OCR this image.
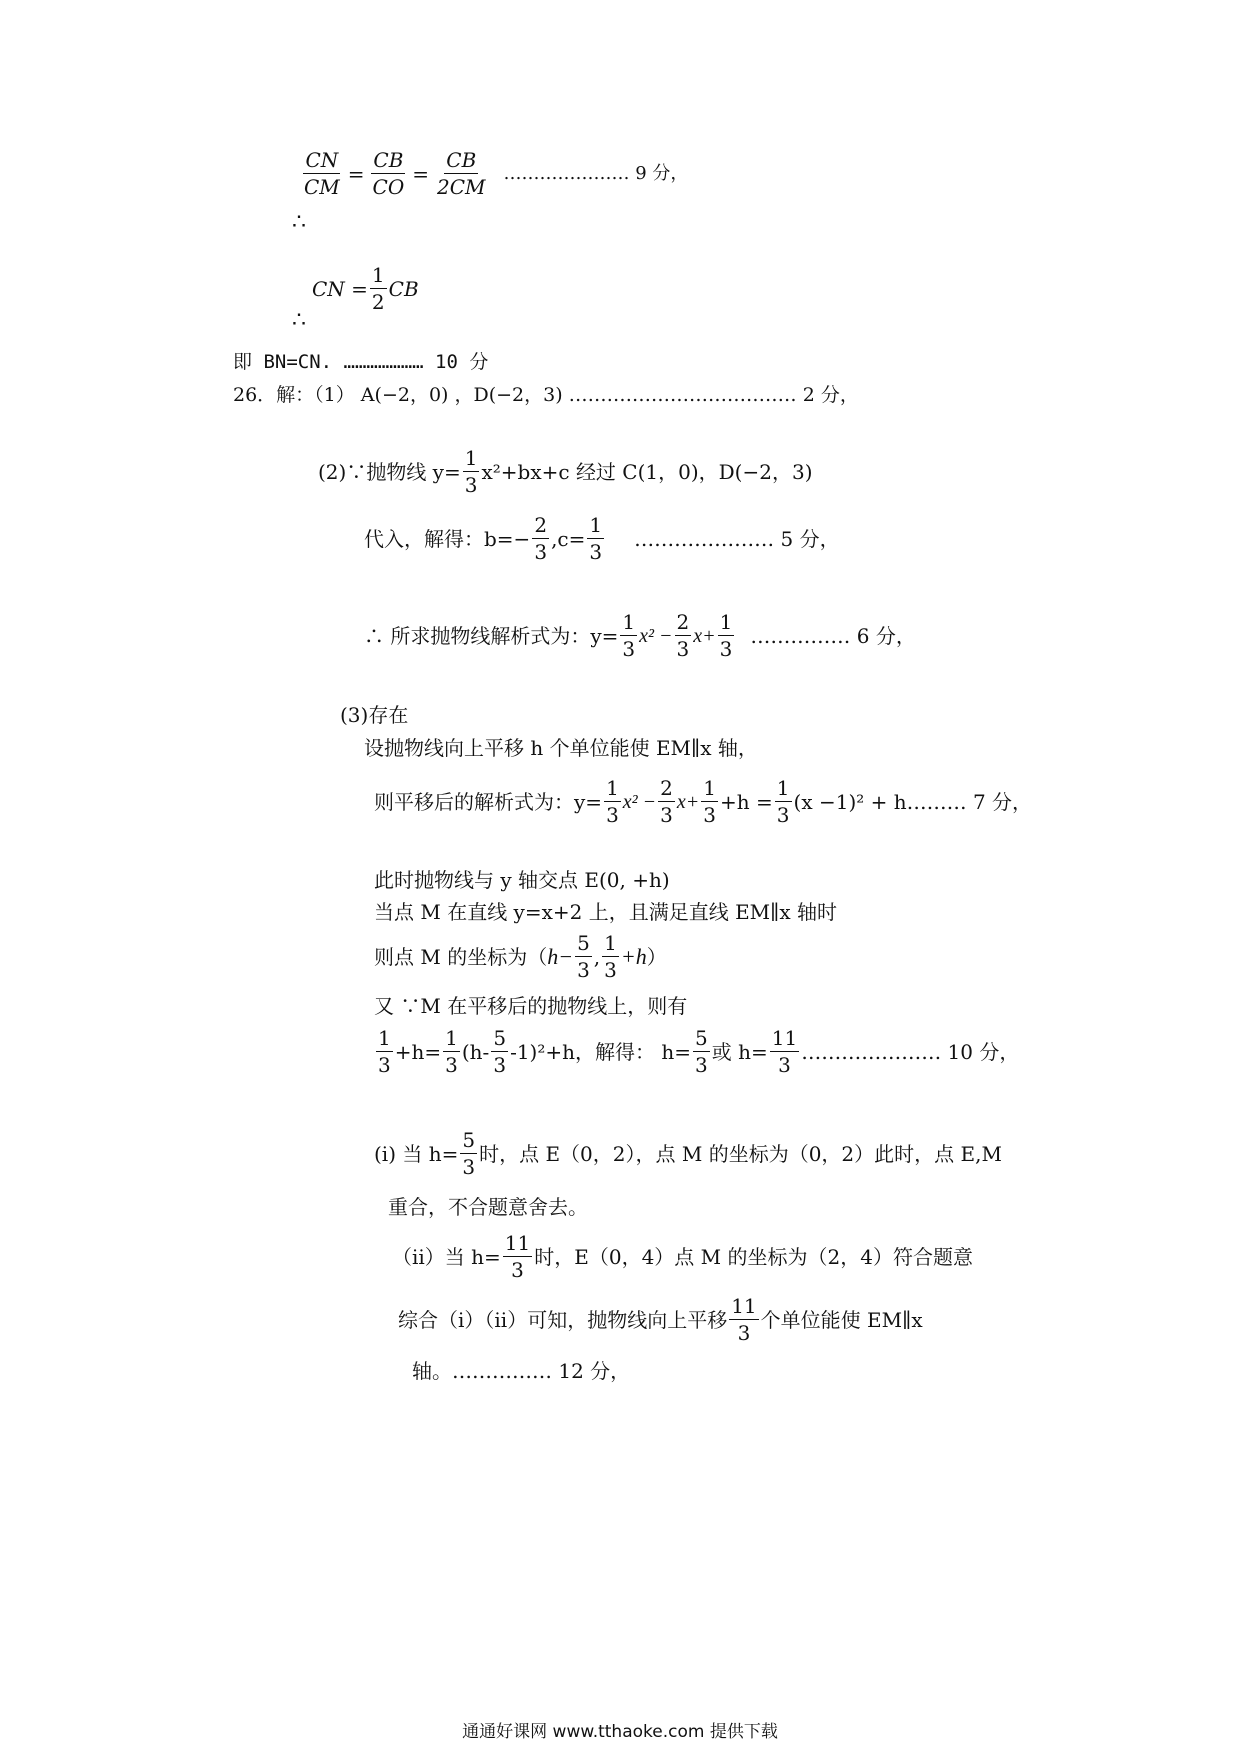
$\frac{CN}{CM} = \frac{CB}{CO} = \frac{CB}{2CM}$ ………………… 9 分，
∴
CN = $\frac{1}{2}$ CB
∴
即 BN=CN. ………………… 10 分
26．解：（1） A(−2，0) ，D(−2，3) ……………………………… 2 分，
(2)∵抛物线 $y= \frac{1}{3} x^2+bx+c$ 经过 C(1，0)，D(−2，3)
代入，解得：$b=- \frac{2}{3} ,c= \frac{1}{3}$ ………………… 5 分，
∴ 所求抛物线解析式为：$y= \frac{1}{3} x^2 - \frac{2}{3} x+ \frac{1}{3}$ …………… 6 分，
(3)存在
设抛物线向上平移 h 个单位能使 EM∥x 轴，
则平移后的解析式为：$y= \frac{1}{3} x^2 - \frac{2}{3} x+ \frac{1}{3} +h = \frac{1}{3} (x -1)^2$ + h……… 7 分，
此时抛物线与 y 轴交点 E(0, +h)
当点 M 在直线 y=x+2 上，且满足直线 EM∥x 轴时
则点 M 的坐标为（ $h- \frac{5}{3}$ , $\frac{1}{3} +h$ ）
又 ∵M 在平移后的抛物线上，则有
$\frac{1}{3} +h= \frac{1}{3} (h- \frac{5}{3} -1)^2+h$，解得： $h= \frac{5}{3}$ 或 $h= \frac{11}{3}$ ………………… 10 分，
(i) 当 $h= \frac{5}{3}$ 时，点 E（0，2），点 M 的坐标为（0，2）此时，点 E,M
重合，不合题意舍去。
（ii）当 $h= \frac{11}{3}$ 时，E（0，4）点 M 的坐标为（2，4）符合题意
综合（i）（ii）可知，抛物线向上平移 $\frac{11}{3}$ 个单位能使 EM∥x
轴。…………… 12 分，
通通好课网 www.tthaoke.com 提供下载
